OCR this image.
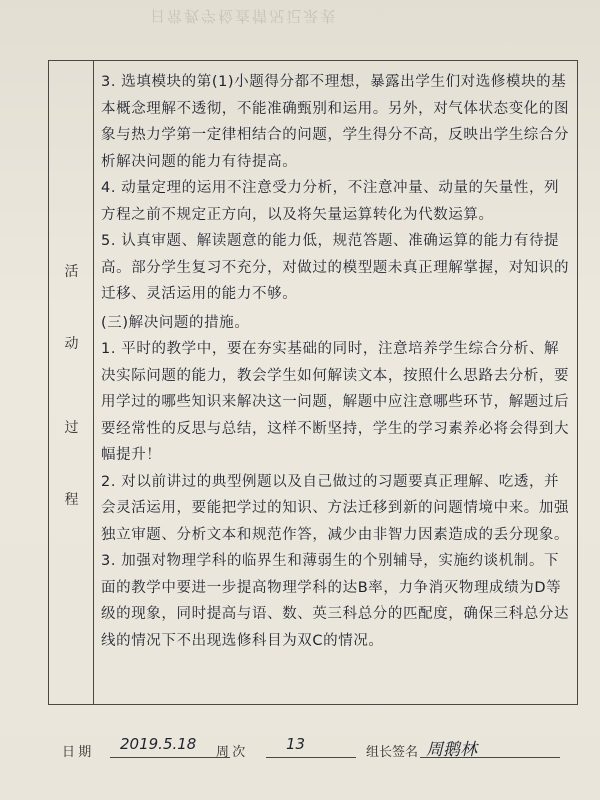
日常教学检查情况记录表
活
动
过
程

3. 选填模块的第(1)小题得分都不理想，暴露出学生们对选修模块的基本概念理解不透彻，不能准确甄别和运用。另外，对气体状态变化的图象与热力学第一定律相结合的问题，学生得分不高，反映出学生综合分析解决问题的能力有待提高。

4. 动量定理的运用不注意受力分析，不注意冲量、动量的矢量性，列方程之前不规定正方向，以及将矢量运算转化为代数运算。

5. 认真审题、解读题意的能力低，规范答题、准确运算的能力有待提高。部分学生复习不充分，对做过的模型题未真正理解掌握，对知识的迁移、灵活运用的能力不够。

(三)解决问题的措施。

1. 平时的教学中，要在夯实基础的同时，注意培养学生综合分析、解决实际问题的能力，教会学生如何解读文本，按照什么思路去分析，要用学过的哪些知识来解决这一问题，解题中应注意哪些环节，解题过后要经常性的反思与总结，这样不断坚持，学生的学习素养必将会得到大幅提升！

2. 对以前讲过的典型例题以及自己做过的习题要真正理解、吃透，并会灵活运用，要能把学过的知识、方法迁移到新的问题情境中来。加强独立审题、分析文本和规范作答，减少由非智力因素造成的丢分现象。

3. 加强对物理学科的临界生和薄弱生的个别辅导，实施约谈机制。下面的教学中要进一步提高物理学科的达B率，力争消灭物理成绩为D等级的现象，同时提高与语、数、英三科总分的匹配度，确保三科总分达线的情况下不出现选修科目为双C的情况。

日 期 2019.5.18 周 次	13	组长签名 周鹅林
